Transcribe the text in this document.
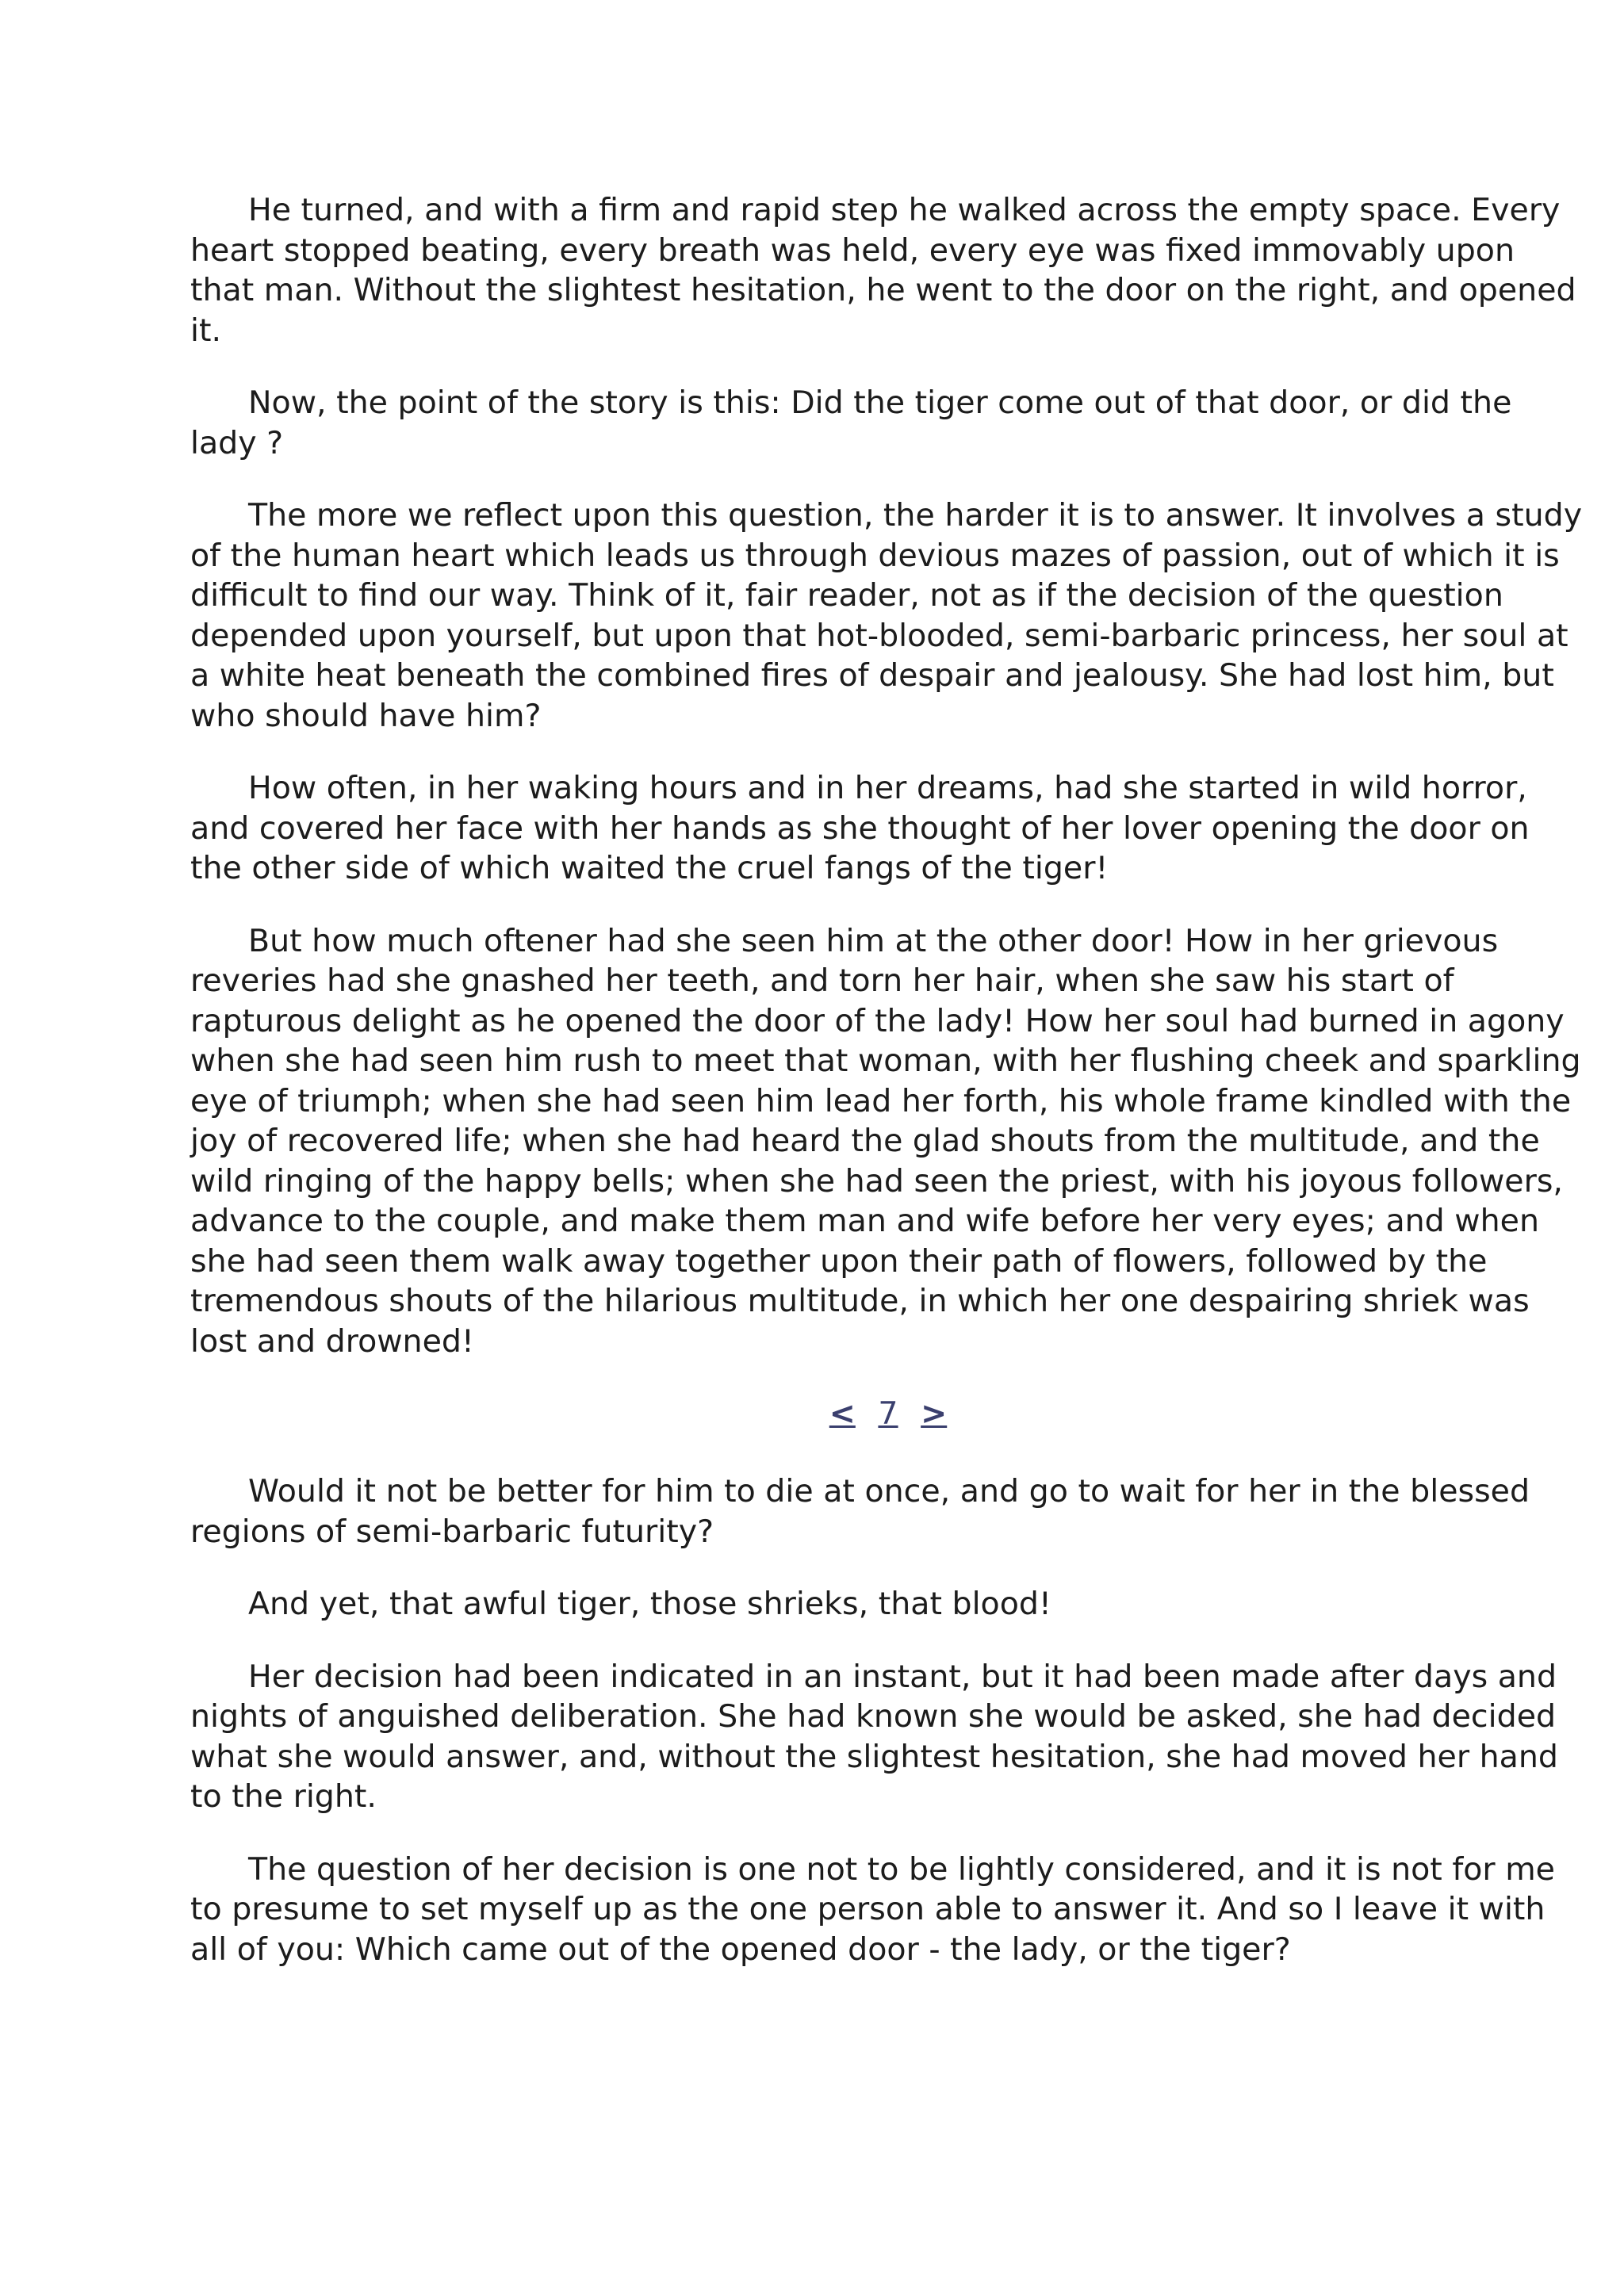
He turned, and with a firm and rapid step he walked across the empty space. Every heart stopped beating, every breath was held, every eye was fixed immovably upon that man. Without the slightest hesitation, he went to the door on the right, and opened it.

Now, the point of the story is this: Did the tiger come out of that door, or did the lady ?

The more we reflect upon this question, the harder it is to answer. It involves a study of the human heart which leads us through devious mazes of passion, out of which it is difficult to find our way. Think of it, fair reader, not as if the decision of the question depended upon yourself, but upon that hot-blooded, semi-barbaric princess, her soul at a white heat beneath the combined fires of despair and jealousy. She had lost him, but who should have him?

How often, in her waking hours and in her dreams, had she started in wild horror, and covered her face with her hands as she thought of her lover opening the door on the other side of which waited the cruel fangs of the tiger!

But how much oftener had she seen him at the other door! How in her grievous reveries had she gnashed her teeth, and torn her hair, when she saw his start of rapturous delight as he opened the door of the lady! How her soul had burned in agony when she had seen him rush to meet that woman, with her flushing cheek and sparkling eye of triumph; when she had seen him lead her forth, his whole frame kindled with the joy of recovered life; when she had heard the glad shouts from the multitude, and the wild ringing of the happy bells; when she had seen the priest, with his joyous followers, advance to the couple, and make them man and wife before her very eyes; and when she had seen them walk away together upon their path of flowers, followed by the tremendous shouts of the hilarious multitude, in which her one despairing shriek was lost and drowned!

< 7 >

Would it not be better for him to die at once, and go to wait for her in the blessed regions of semi-barbaric futurity?

And yet, that awful tiger, those shrieks, that blood!

Her decision had been indicated in an instant, but it had been made after days and nights of anguished deliberation. She had known she would be asked, she had decided what she would answer, and, without the slightest hesitation, she had moved her hand to the right.

The question of her decision is one not to be lightly considered, and it is not for me to presume to set myself up as the one person able to answer it. And so I leave it with all of you: Which came out of the opened door - the lady, or the tiger?
